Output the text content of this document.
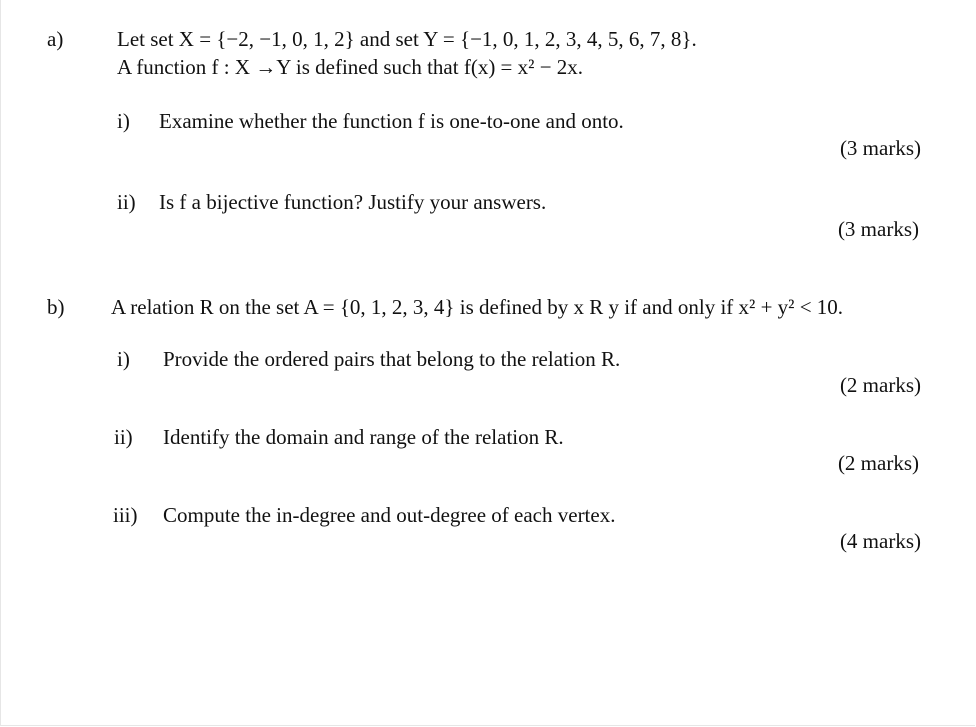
a)	Let set X = {−2, −1, 0, 1, 2} and set Y = {−1, 0, 1, 2, 3, 4, 5, 6, 7, 8}.
A function f : X →Y is defined such that f(x) = x² − 2x.
i) Examine whether the function f is one-to-one and onto.
(3 marks)
ii) Is f a bijective function? Justify your answers.
(3 marks)
b) A relation R on the set A = {0, 1, 2, 3, 4} is defined by x R y if and only if x² + y² < 10.
i) Provide the ordered pairs that belong to the relation R.
(2 marks)
ii) Identify the domain and range of the relation R.
(2 marks)
iii) Compute the in-degree and out-degree of each vertex.
(4 marks)
